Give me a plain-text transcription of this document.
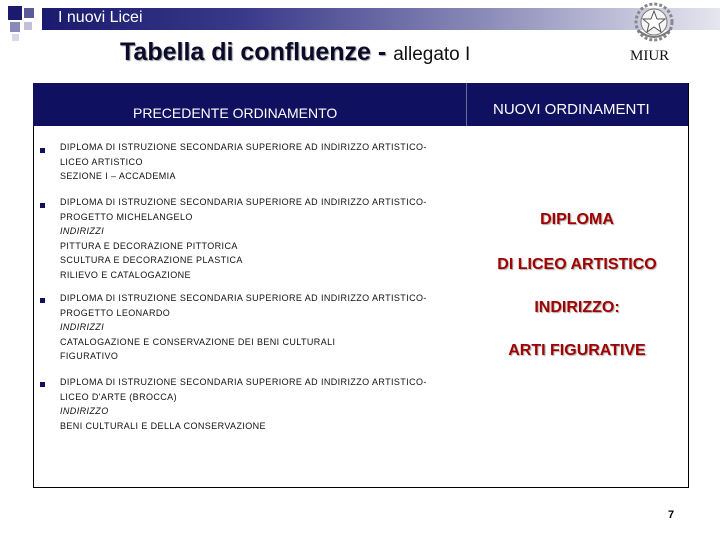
I nuovi Licei
Tabella di confluenze - allegato I	MIUR
PRECEDENTE ORDINAMENTO	NUOVI ORDINAMENTI
DIPLOMA DI ISTRUZIONE SECONDARIA SUPERIORE AD INDIRIZZO ARTISTICO-
LICEO ARTISTICO
SEZIONE I – ACCADEMIA
DIPLOMA DI ISTRUZIONE SECONDARIA SUPERIORE AD INDIRIZZO ARTISTICO-
PROGETTO MICHELANGELO
INDIRIZZI
PITTURA E DECORAZIONE PITTORICA
SCULTURA E DECORAZIONE PLASTICA
RILIEVO E CATALOGAZIONE
DIPLOMA DI ISTRUZIONE SECONDARIA SUPERIORE AD INDIRIZZO ARTISTICO-
PROGETTO LEONARDO
INDIRIZZI
CATALOGAZIONE E CONSERVAZIONE DEI BENI CULTURALI
FIGURATIVO
DIPLOMA DI ISTRUZIONE SECONDARIA SUPERIORE AD INDIRIZZO ARTISTICO-
LICEO D'ARTE (BROCCA)
INDIRIZZO
BENI CULTURALI E DELLA CONSERVAZIONE
DIPLOMA
DI LICEO ARTISTICO
INDIRIZZO:
ARTI FIGURATIVE
7
